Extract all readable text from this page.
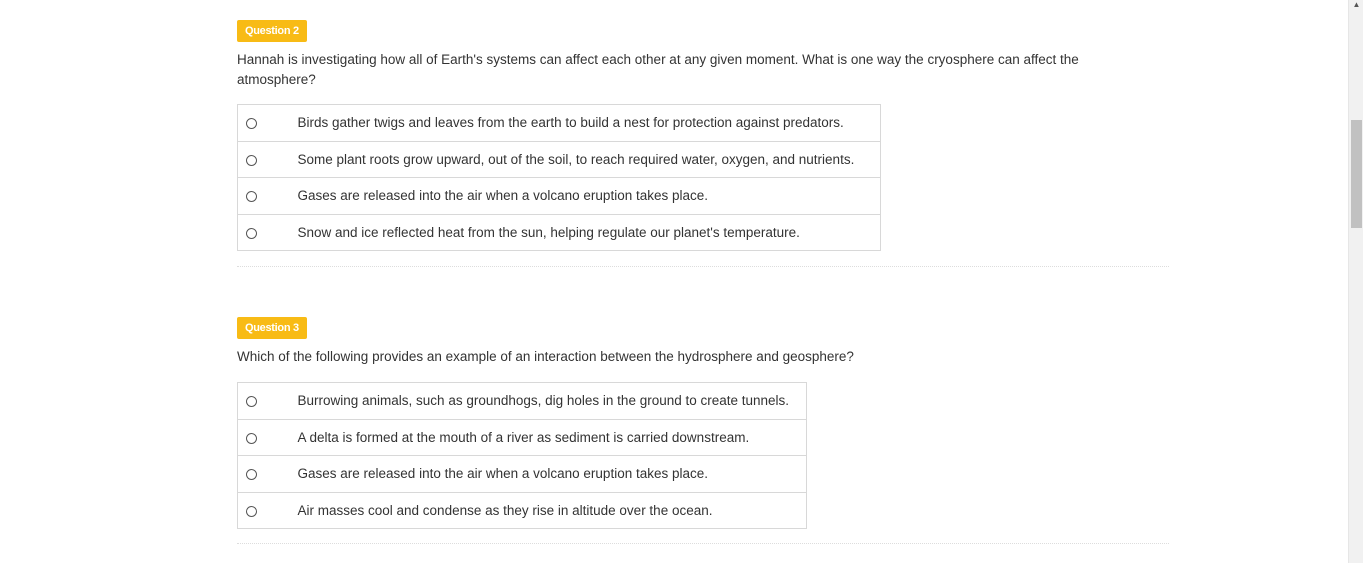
Question 2

Hannah is investigating how all of Earth's systems can affect each other at any given moment. What is one way the cryosphere can affect the atmosphere?

	Birds gather twigs and leaves from the earth to build a nest for protection against predators.
	Some plant roots grow upward, out of the soil, to reach required water, oxygen, and nutrients.
	Gases are released into the air when a volcano eruption takes place.
	Snow and ice reflected heat from the sun, helping regulate our planet's temperature.
Question 3

Which of the following provides an example of an interaction between the hydrosphere and geosphere?

	Burrowing animals, such as groundhogs, dig holes in the ground to create tunnels.
	A delta is formed at the mouth of a river as sediment is carried downstream.
	Gases are released into the air when a volcano eruption takes place.
	Air masses cool and condense as they rise in altitude over the ocean.
▲
